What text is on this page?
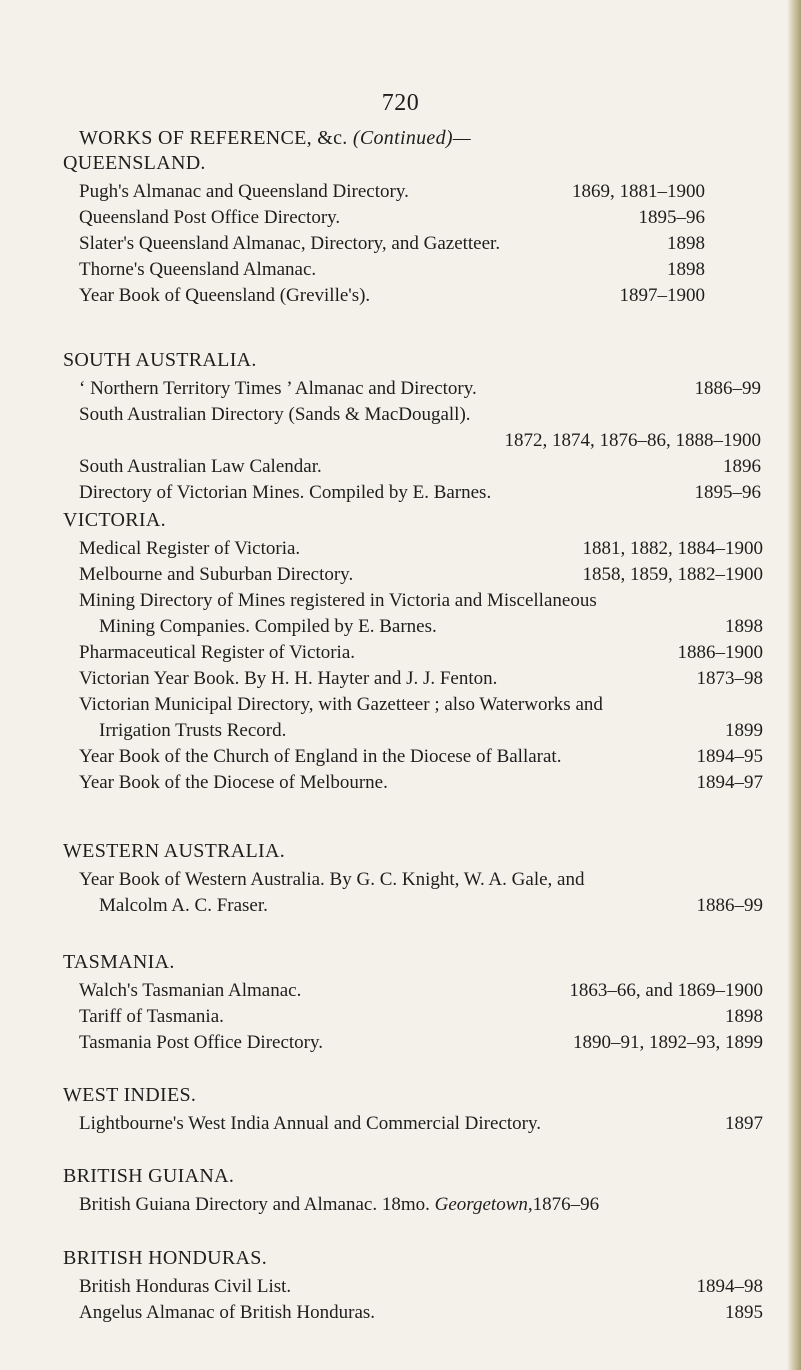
720
WORKS OF REFERENCE, &c. (Continued)—
QUEENSLAND.
Pugh's Almanac and Queensland Directory.	1869, 1881–1900
Queensland Post Office Directory.	1895–96
Slater's Queensland Almanac, Directory, and Gazetteer.	1898
Thorne's Queensland Almanac.	1898
Year Book of Queensland (Greville's).	1897–1900
SOUTH AUSTRALIA.
‘ Northern Territory Times ’ Almanac and Directory.	1886–99
South Australian Directory (Sands & MacDougall).
1872, 1874, 1876–86, 1888–1900
South Australian Law Calendar.	1896
Directory of Victorian Mines. Compiled by E. Barnes.	1895–96
VICTORIA.
Medical Register of Victoria.	1881, 1882, 1884–1900
Melbourne and Suburban Directory.	1858, 1859, 1882–1900
Mining Directory of Mines registered in Victoria and Miscellaneous
Mining Companies. Compiled by E. Barnes.	1898
Pharmaceutical Register of Victoria.	1886–1900
Victorian Year Book. By H. H. Hayter and J. J. Fenton.	1873–98
Victorian Municipal Directory, with Gazetteer ; also Waterworks and
Irrigation Trusts Record.	1899
Year Book of the Church of England in the Diocese of Ballarat.	1894–95
Year Book of the Diocese of Melbourne.	1894–97
WESTERN AUSTRALIA.
Year Book of Western Australia. By G. C. Knight, W. A. Gale, and
Malcolm A. C. Fraser.	1886–99
TASMANIA.
Walch's Tasmanian Almanac.	1863–66, and 1869–1900
Tariff of Tasmania.	1898
Tasmania Post Office Directory.	1890–91, 1892–93, 1899
WEST INDIES.
Lightbourne's West India Annual and Commercial Directory.	1897
BRITISH GUIANA.
British Guiana Directory and Almanac. 18mo. Georgetown,1876–96
BRITISH HONDURAS.
British Honduras Civil List.	1894–98
Angelus Almanac of British Honduras.	1895
